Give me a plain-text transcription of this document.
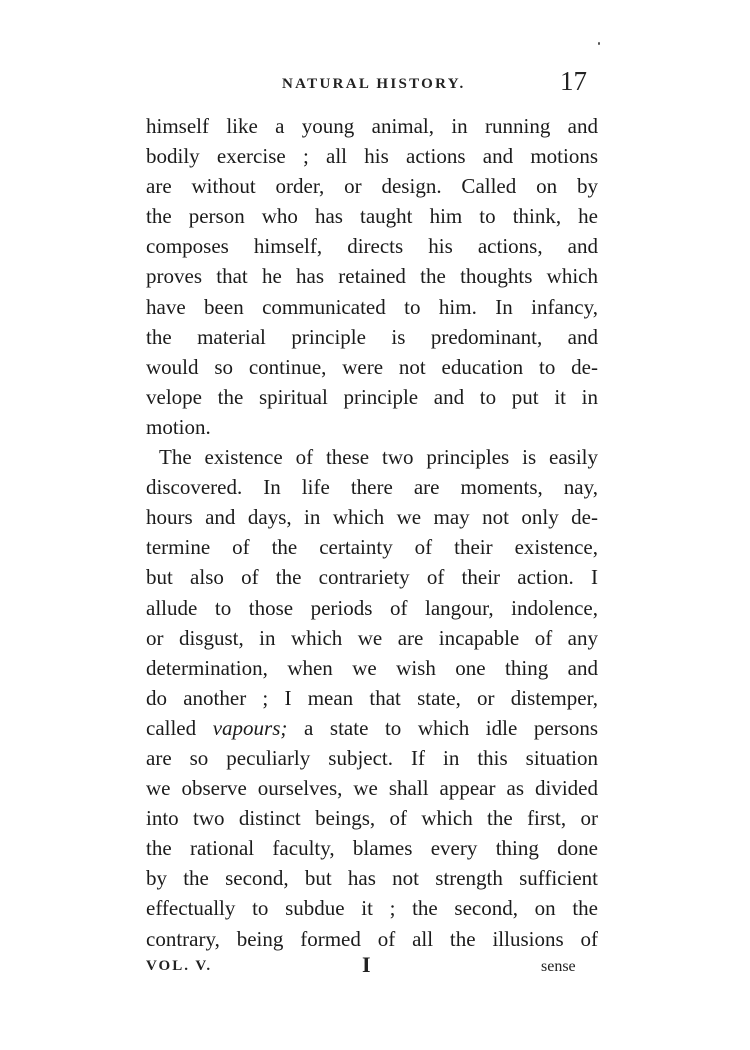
NATURAL HISTORY.	17
himself like a young animal, in running and
bodily exercise ; all his actions and motions
are without order, or design. Called on by
the person who has taught him to think, he
composes himself, directs his actions, and
proves that he has retained the thoughts which
have been communicated to him. In infancy,
the material principle is predominant, and
would so continue, were not education to de-
velope the spiritual principle and to put it in
motion.
The existence of these two principles is easily
discovered. In life there are moments, nay,
hours and days, in which we may not only de-
termine of the certainty of their existence,
but also of the contrariety of their action. I
allude to those periods of langour, indolence,
or disgust, in which we are incapable of any
determination, when we wish one thing and
do another ; I mean that state, or distemper,
called vapours; a state to which idle persons
are so peculiarly subject. If in this situation
we observe ourselves, we shall appear as divided
into two distinct beings, of which the first, or
the rational faculty, blames every thing done
by the second, but has not strength sufficient
effectually to subdue it ; the second, on the
contrary, being formed of all the illusions of
VOL. V.	I	sense
